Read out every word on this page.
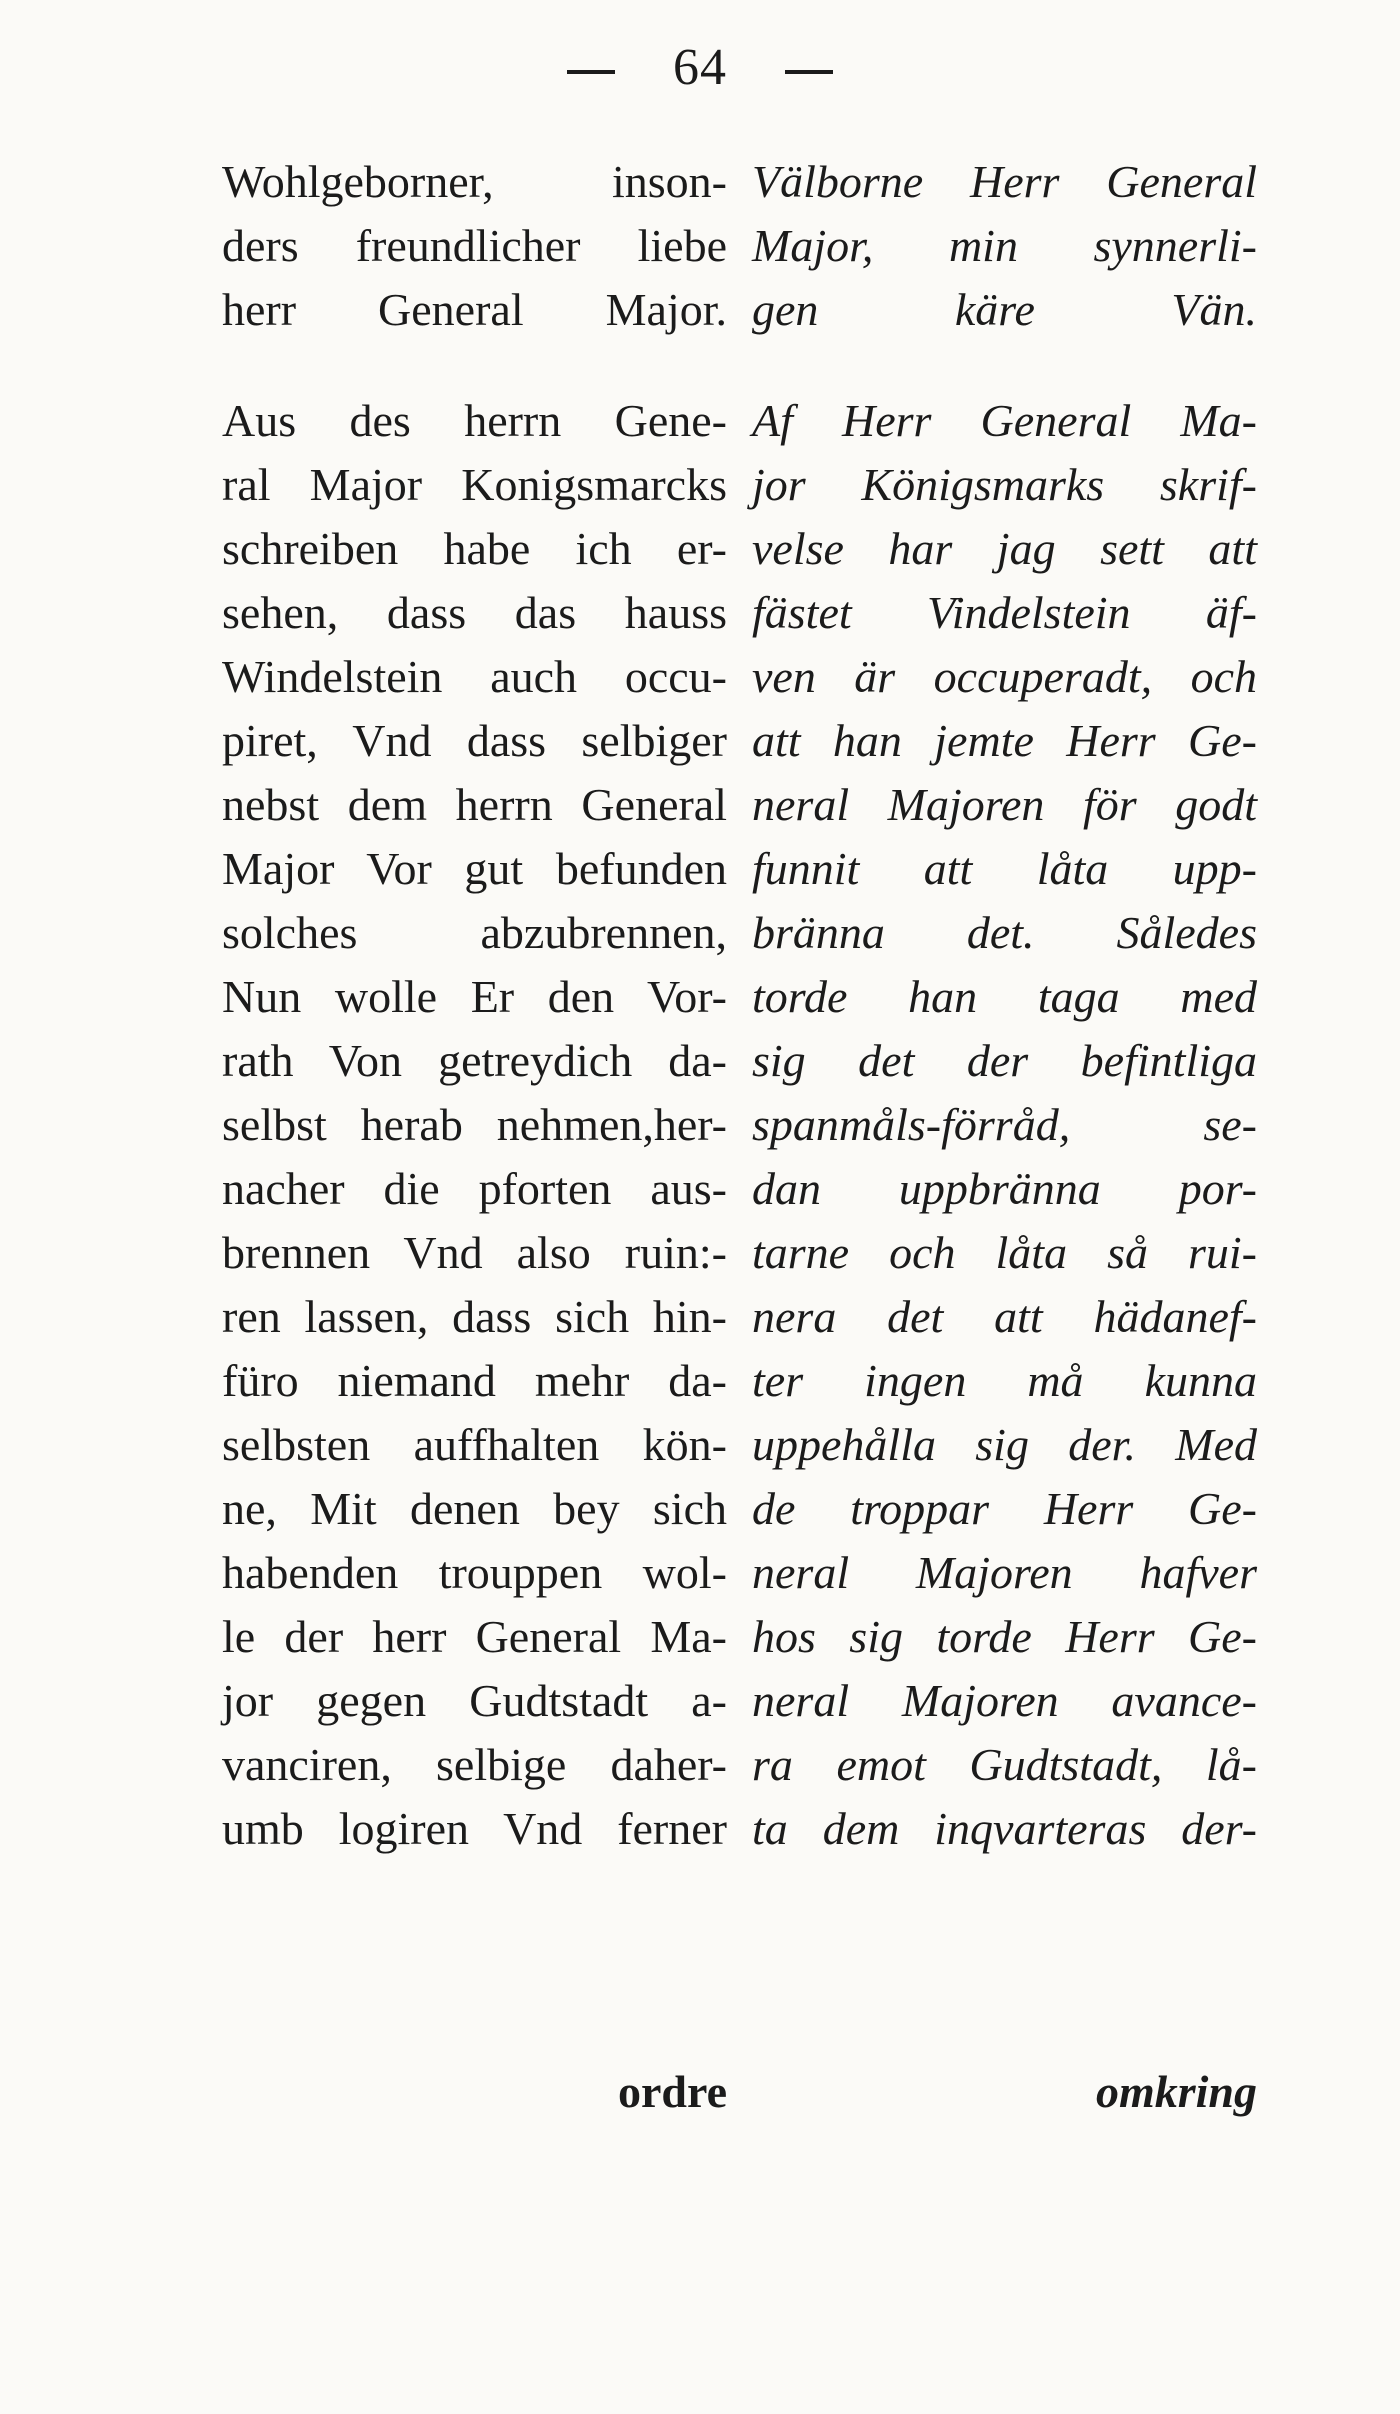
64
Wohlgeborner, inson-
ders freundlicher liebe
herr General Major.
Aus des herrn Gene-
ral Major Konigsmarcks
schreiben habe ich er-
sehen, dass das hauss
Windelstein auch occu-
piret, Vnd dass selbiger
nebst dem herrn General
Major Vor gut befunden
solches abzubrennen,
Nun wolle Er den Vor-
rath Von getreydich da-
selbst herab nehmen,her-
nacher die pforten aus-
brennen Vnd also ruin:-
ren lassen, dass sich hin-
füro niemand mehr da-
selbsten auffhalten kön-
ne, Mit denen bey sich
habenden trouppen wol-
le der herr General Ma-
jor gegen Gudtstadt a-
vanciren, selbige daher-
umb logiren Vnd ferner
Välborne Herr General
Major, min synnerli-
gen käre Vän.
Af Herr General Ma-
jor Königsmarks skrif-
velse har jag sett att
fästet Vindelstein äf-
ven är occuperadt, och
att han jemte Herr Ge-
neral Majoren för godt
funnit att låta upp-
bränna det. Således
torde han taga med
sig det der befintliga
spanmåls-förråd, se-
dan uppbränna por-
tarne och låta så rui-
nera det att hädanef-
ter ingen må kunna
uppehålla sig der. Med
de troppar Herr Ge-
neral Majoren hafver
hos sig torde Herr Ge-
neral Majoren avance-
ra emot Gudtstadt, lå-
ta dem inqvarteras der-
ordre	omkring
